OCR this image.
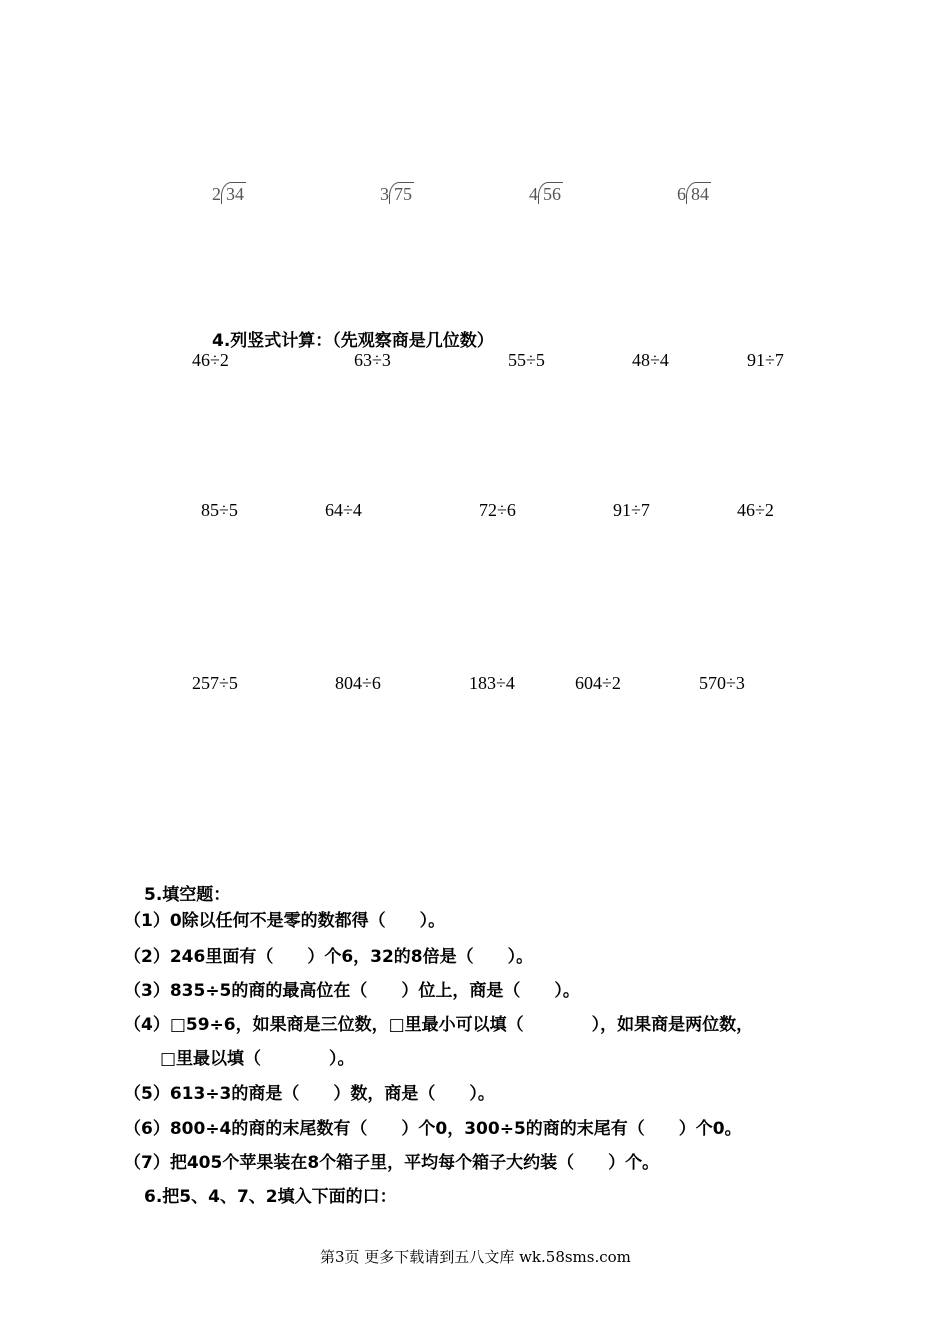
2 34	3 75	4 56	6 84
4.列竖式计算：（先观察商是几位数）
46÷2	63÷3	55÷5	48÷4	91÷7
85÷5	64÷4	72÷6	91÷7	46÷2
257÷5	804÷6	183÷4	604÷2	570÷3
5.填空题：
（1）0除以任何不是零的数都得（　　）。
（2）246里面有（　　）个6，32的8倍是（　　）。
（3）835÷5的商的最高位在（　　）位上，商是（　　）。
（4）□59÷6，如果商是三位数，□里最小可以填（　　　　），如果商是两位数，
□里最以填（　　　　）。
（5）613÷3的商是（　　）数，商是（　　）。
（6）800÷4的商的末尾数有（　　）个0，300÷5的商的末尾有（　　）个0。
（7）把405个苹果装在8个箱子里，平均每个箱子大约装（　　）个。
6.把5、4、7、2填入下面的口：
第3页 更多下载请到五八文库 wk.58sms.com
